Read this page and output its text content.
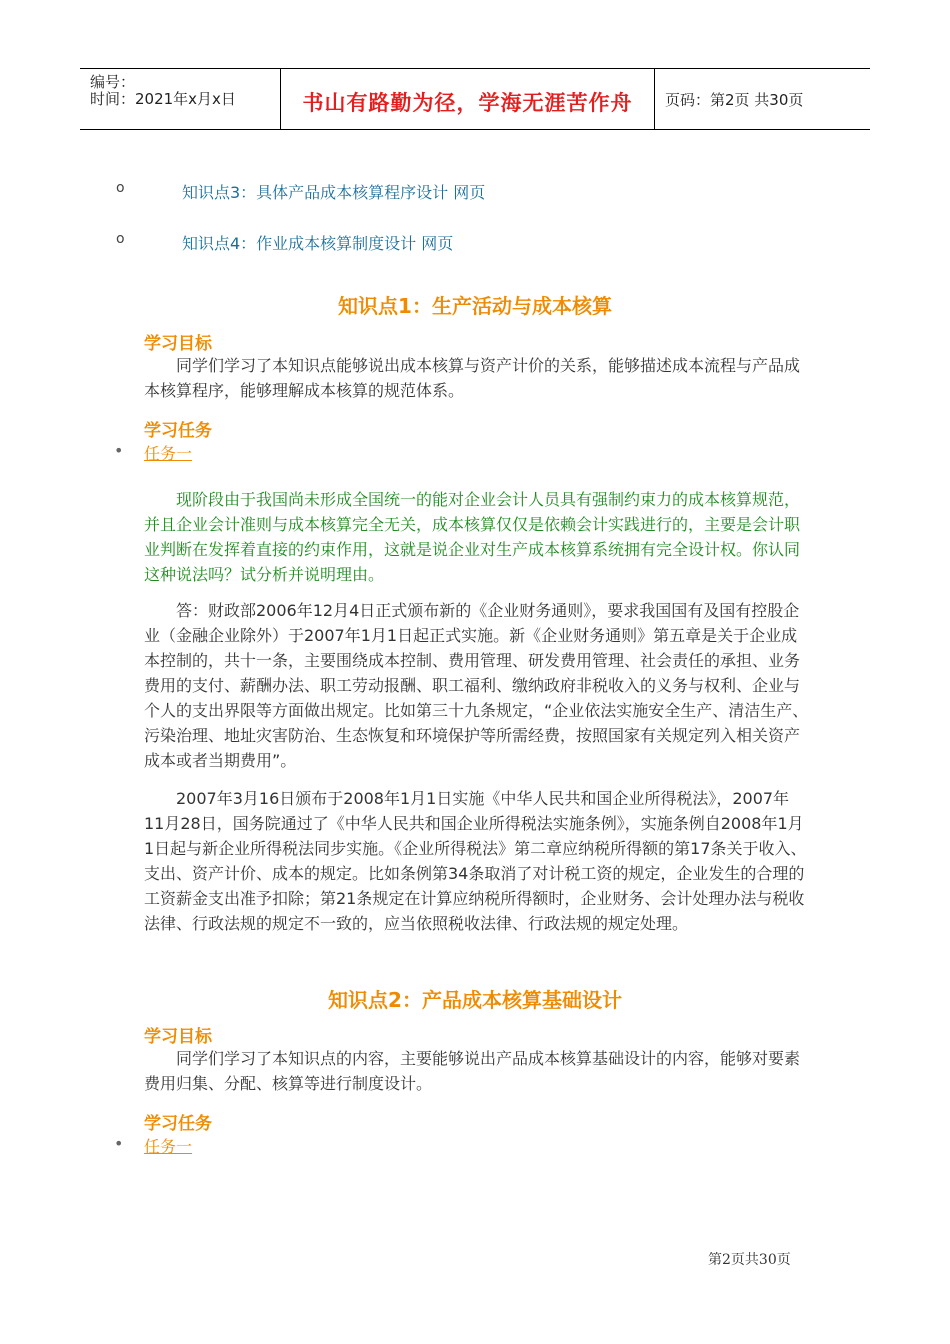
编号：
时间：2021年x月x日	书山有路勤为径，学海无涯苦作舟	页码：第2页 共30页
o	知识点3：具体产品成本核算程序设计 网页
o	知识点4：作业成本核算制度设计 网页
知识点1：生产活动与成本核算
学习目标
同学们学习了本知识点能够说出成本核算与资产计价的关系，能够描述成本流程与产品成本核算程序，能够理解成本核算的规范体系。
学习任务
• 任务一
现阶段由于我国尚未形成全国统一的能对企业会计人员具有强制约束力的成本核算规范，并且企业会计准则与成本核算完全无关，成本核算仅仅是依赖会计实践进行的，主要是会计职业判断在发挥着直接的约束作用，这就是说企业对生产成本核算系统拥有完全设计权。你认同这种说法吗？试分析并说明理由。
答：财政部2006年12月4日正式颁布新的《企业财务通则》，要求我国国有及国有控股企业（金融企业除外）于2007年1月1日起正式实施。新《企业财务通则》第五章是关于企业成本控制的，共十一条，主要围绕成本控制、费用管理、研发费用管理、社会责任的承担、业务费用的支付、薪酬办法、职工劳动报酬、职工福利、缴纳政府非税收入的义务与权利、企业与个人的支出界限等方面做出规定。比如第三十九条规定，“企业依法实施安全生产、清洁生产、污染治理、地址灾害防治、生态恢复和环境保护等所需经费，按照国家有关规定列入相关资产成本或者当期费用”。
2007年3月16日颁布于2008年1月1日实施《中华人民共和国企业所得税法》，2007年11月28日，国务院通过了《中华人民共和国企业所得税法实施条例》，实施条例自2008年1月1日起与新企业所得税法同步实施。《企业所得税法》第二章应纳税所得额的第17条关于收入、支出、资产计价、成本的规定。比如条例第34条取消了对计税工资的规定，企业发生的合理的工资薪金支出准予扣除；第21条规定在计算应纳税所得额时，企业财务、会计处理办法与税收法律、行政法规的规定不一致的，应当依照税收法律、行政法规的规定处理。
知识点2：产品成本核算基础设计
学习目标
同学们学习了本知识点的内容，主要能够说出产品成本核算基础设计的内容，能够对要素费用归集、分配、核算等进行制度设计。
学习任务
• 任务一
第2页共30页
